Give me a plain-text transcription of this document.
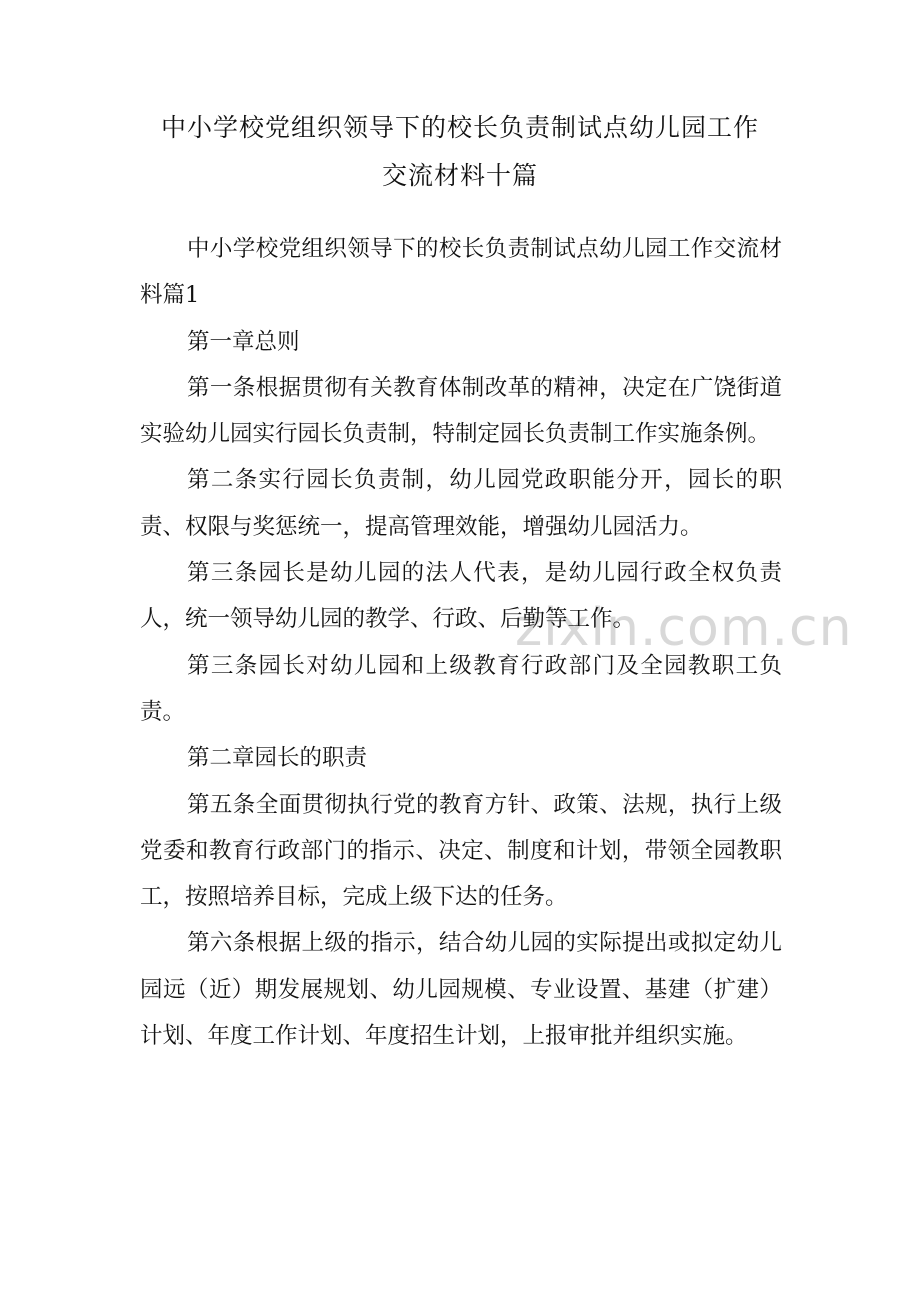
中小学校党组织领导下的校长负责制试点幼儿园工作
交流材料十篇
zixin.com.cn

中小学校党组织领导下的校长负责制试点幼儿园工作交流材料篇1

第一章总则

第一条根据贯彻有关教育体制改革的精神，决定在广饶街道实验幼儿园实行园长负责制，特制定园长负责制工作实施条例。

第二条实行园长负责制，幼儿园党政职能分开，园长的职责、权限与奖惩统一，提高管理效能，增强幼儿园活力。

第三条园长是幼儿园的法人代表，是幼儿园行政全权负责人，统一领导幼儿园的教学、行政、后勤等工作。

第三条园长对幼儿园和上级教育行政部门及全园教职工负责。

第二章园长的职责

第五条全面贯彻执行党的教育方针、政策、法规，执行上级党委和教育行政部门的指示、决定、制度和计划，带领全园教职工，按照培养目标，完成上级下达的任务。

第六条根据上级的指示，结合幼儿园的实际提出或拟定幼儿园远（近）期发展规划、幼儿园规模、专业设置、基建（扩建）计划、年度工作计划、年度招生计划，上报审批并组织实施。
